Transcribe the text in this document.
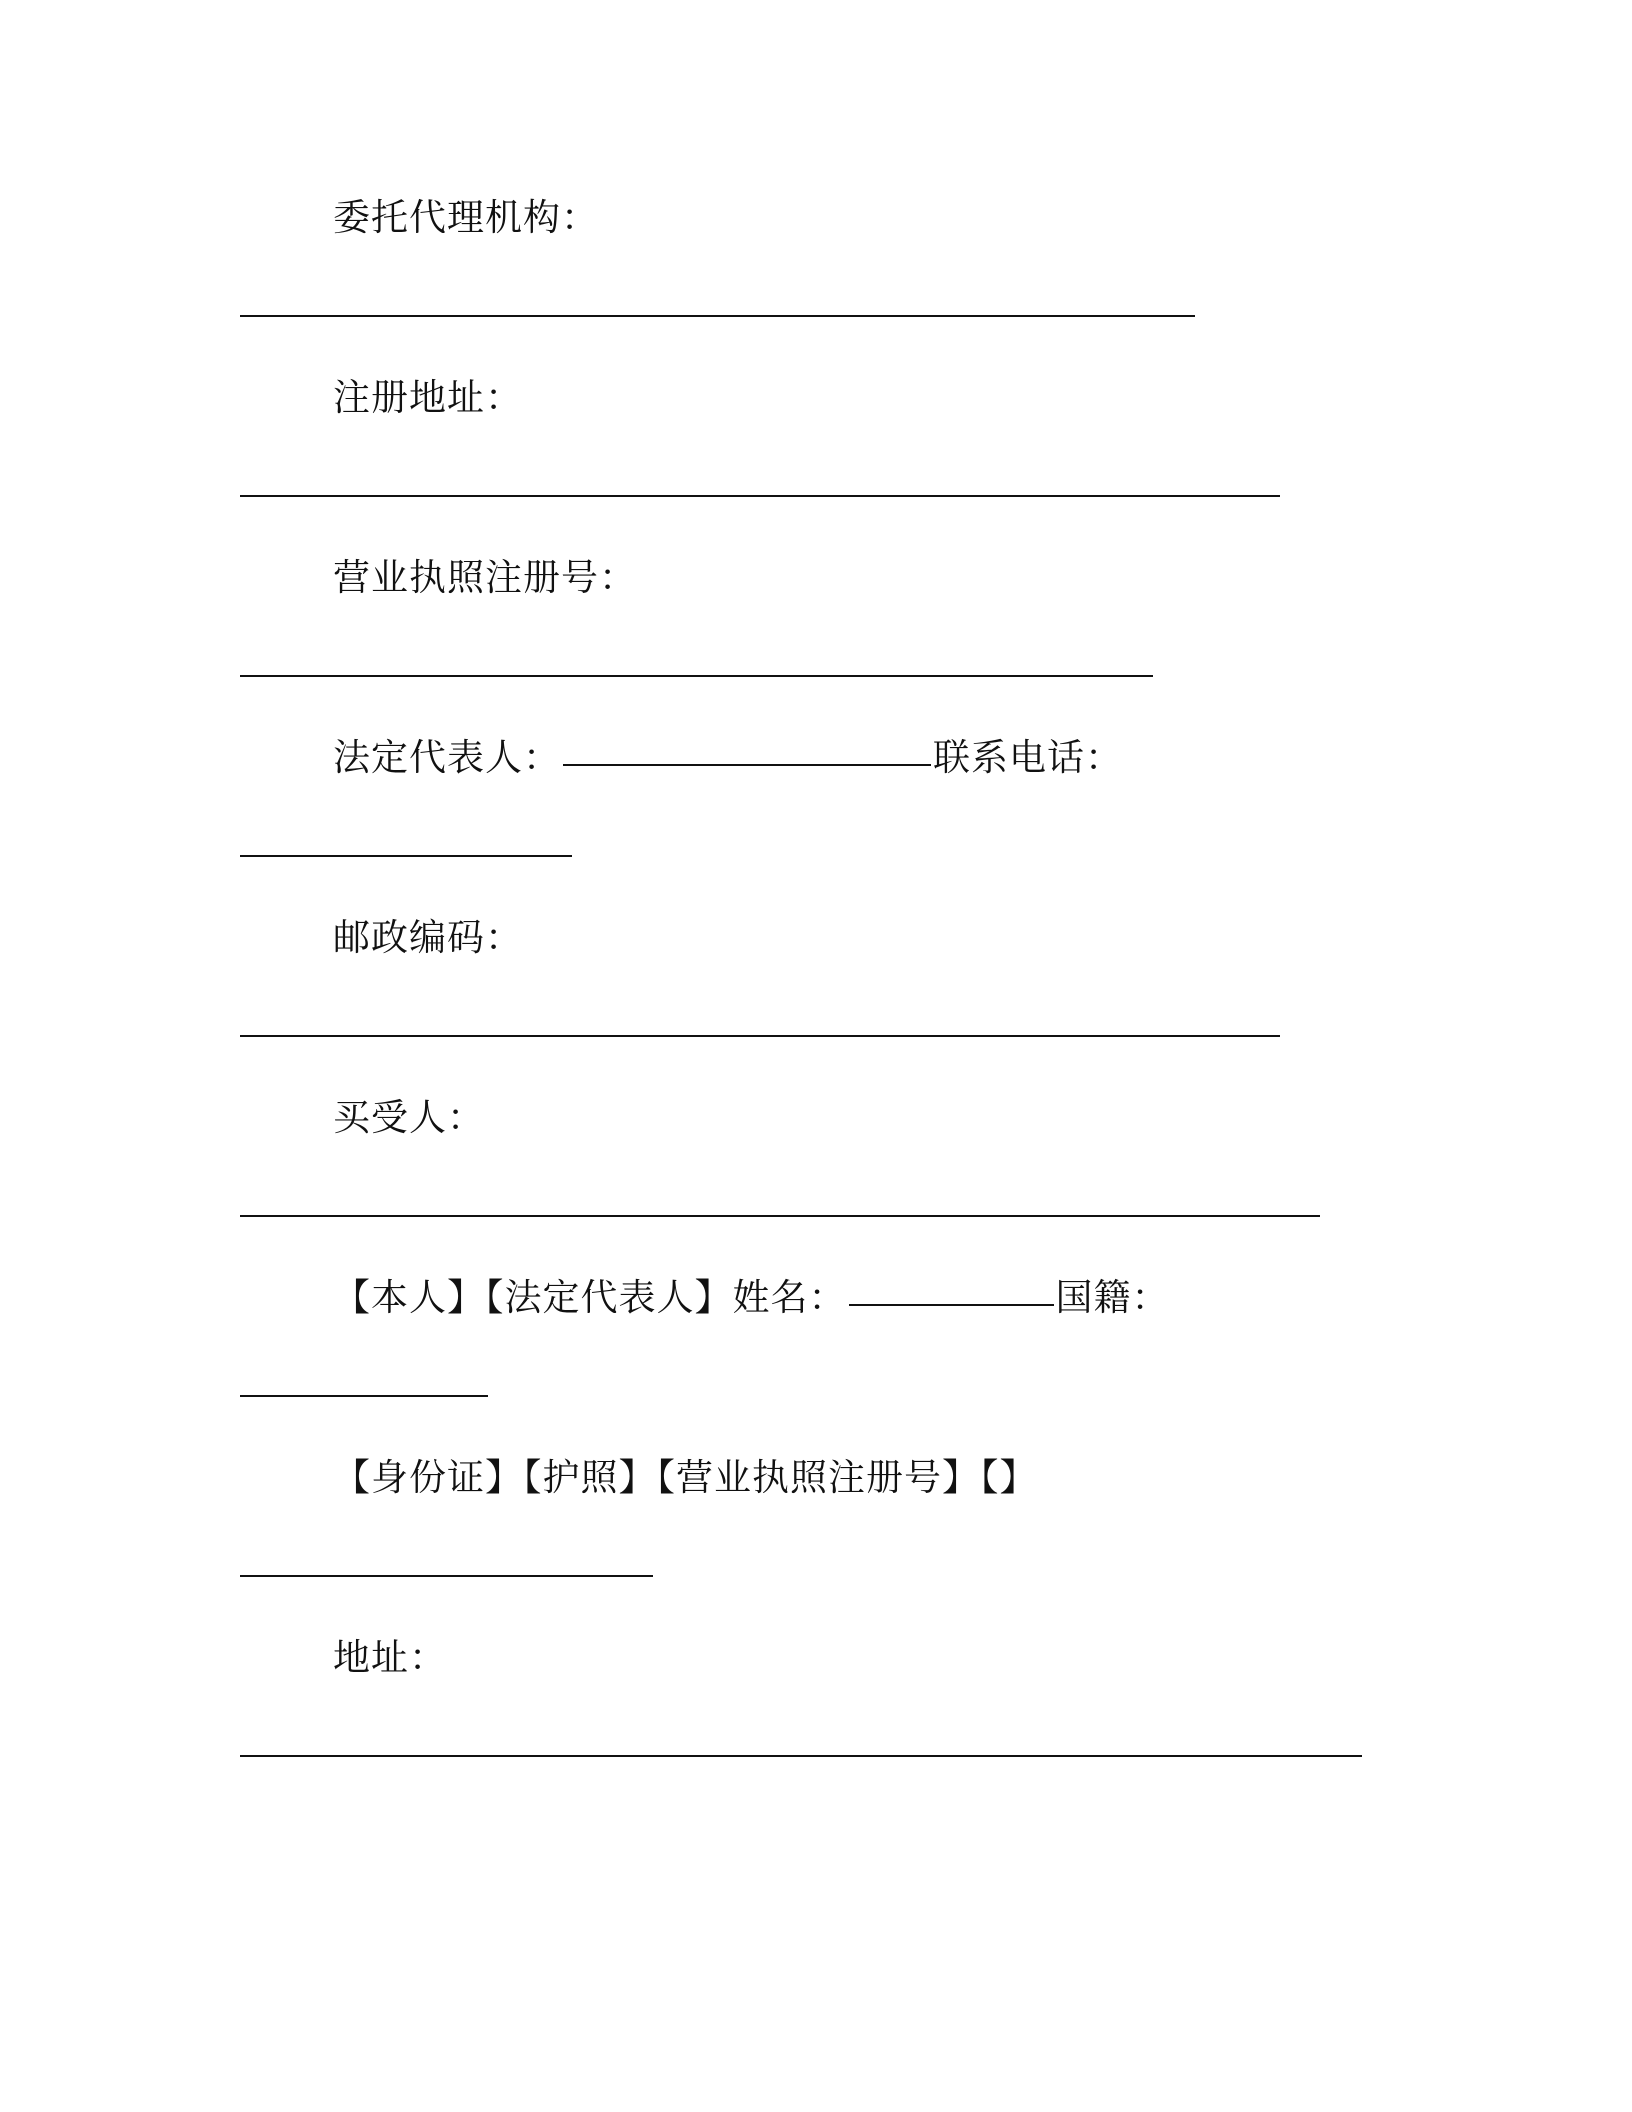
委托代理机构：
注册地址：
营业执照注册号：
法定代表人：	联系电话：
邮政编码：
买受人：
【本人】【法定代表人】姓名：	国籍：
【身份证】【护照】【营业执照注册号】【】
地址：
